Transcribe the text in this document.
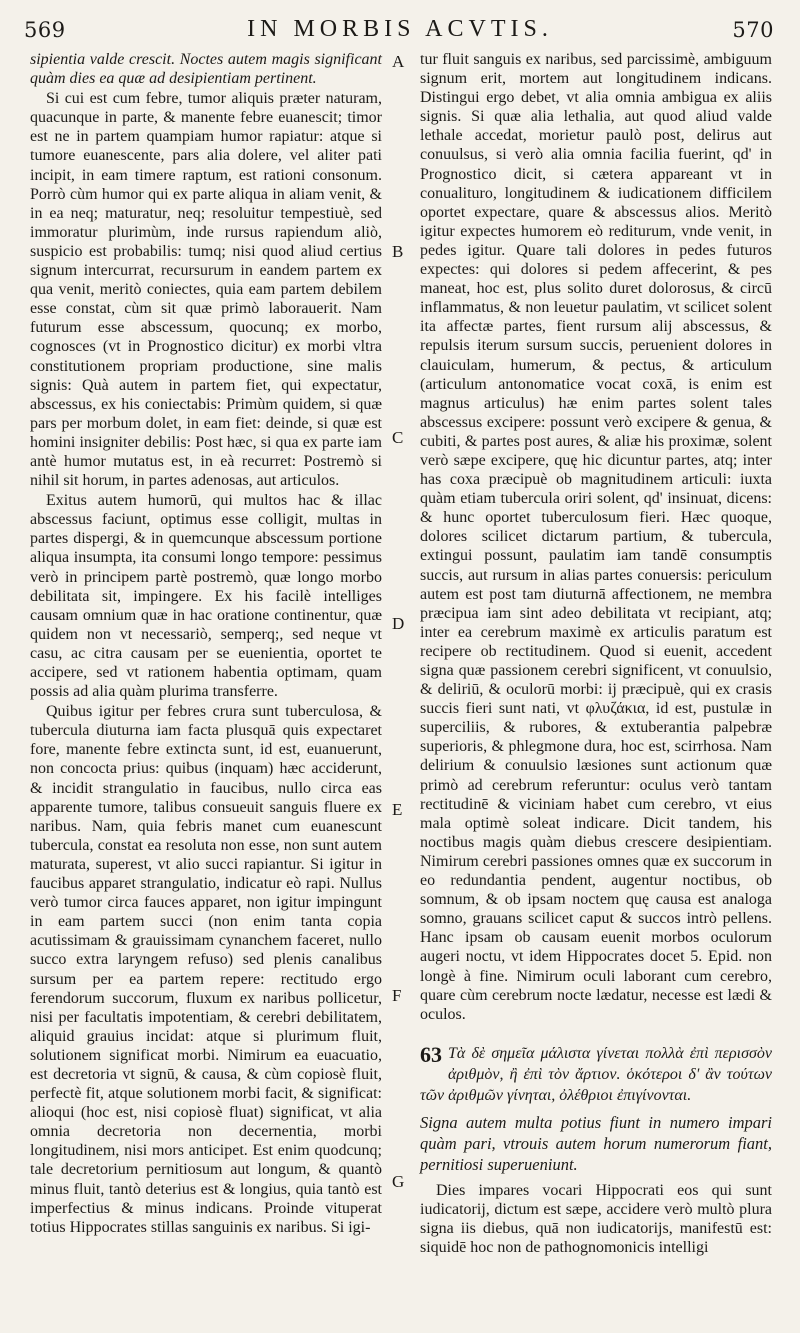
569	IN MORBIS ACVTIS.	570

sipientia valde crescit. Noctes autem magis significant quàm dies ea quæ ad desipientiam pertinent.

Si cui est cum febre, tumor aliquis præter naturam, quacunque in parte, & manente febre euanescit; timor est ne in partem quampiam humor rapiatur: atque si tumore euanescente, pars alia dolere, vel aliter pati incipit, in eam timere raptum, est rationi consonum. Porrò cùm humor qui ex parte aliqua in aliam venit, & in ea neq; maturatur, neq; resoluitur tempestiuè, sed immoratur plurimùm, inde rursus rapiendum aliò, suspicio est probabilis: tumq; nisi quod aliud certius signum intercurrat, recursurum in eandem partem ex qua venit, meritò coniectes, quia eam partem debilem esse constat, cùm sit quæ primò laborauerit. Nam futurum esse abscessum, quocunq; ex morbo, cognosces (vt in Prognostico dicitur) ex morbi vltra constitutionem propriam productione, sine malis signis: Quà autem in partem fiet, qui expectatur, abscessus, ex his coniectabis: Primùm quidem, si quæ pars per morbum dolet, in eam fiet: deinde, si quæ est homini insigniter debilis: Post hæc, si qua ex parte iam antè humor mutatus est, in eà recurret: Postremò si nihil sit horum, in partes adenosas, aut articulos.

Exitus autem humorū, qui multos hac & illac abscessus faciunt, optimus esse colligit, multas in partes dispergi, & in quemcunque abscessum portione aliqua insumpta, ita consumi longo tempore: pessimus verò in principem partè postremò, quæ longo morbo debilitata sit, impingere. Ex his facilè intelliges causam omnium quæ in hac oratione continentur, quæ quidem non vt necessariò, semperq;, sed neque vt casu, ac citra causam per se euenientia, oportet te accipere, sed vt rationem habentia optimam, quam possis ad alia quàm plurima transferre.

Quibus igitur per febres crura sunt tuberculosa, & tubercula diuturna iam facta plusquā quis expectaret fore, manente febre extincta sunt, id est, euanuerunt, non concocta prius: quibus (inquam) hæc acciderunt, & incidit strangulatio in faucibus, nullo circa eas apparente tumore, talibus consueuit sanguis fluere ex naribus. Nam, quia febris manet cum euanescunt tubercula, constat ea resoluta non esse, non sunt autem maturata, superest, vt alio succi rapiantur. Si igitur in faucibus apparet strangulatio, indicatur eò rapi. Nullus verò tumor circa fauces apparet, non igitur impingunt in eam partem succi (non enim tanta copia acutissimam & grauissimam cynanchem faceret, nullo succo extra laryngem refuso) sed plenis canalibus sursum per ea partem repere: rectitudo ergo ferendorum succorum, fluxum ex naribus pollicetur, nisi per facultatis impotentiam, & cerebri debilitatem, aliquid grauius incidat: atque si plurimum fluit, solutionem significat morbi. Nimirum ea euacuatio, est decretoria vt signū, & causa, & cùm copiosè fluit, perfectè fit, atque solutionem morbi facit, & significat: alioqui (hoc est, nisi copiosè fluat) significat, vt alia omnia decretoria non decernentia, morbi longitudinem, nisi mors anticipet. Est enim quodcunq; tale decretorium pernitiosum aut longum, & quantò minus fluit, tantò deterius est & longius, quia tantò est imperfectius & minus indicans. Proinde vituperat totius Hippocrates stillas sanguinis ex naribus. Si igi-

A
B
C
D
E
F
G

tur fluit sanguis ex naribus, sed parcissimè, ambiguum signum erit, mortem aut longitudinem indicans. Distingui ergo debet, vt alia omnia ambigua ex aliis signis. Si quæ alia lethalia, aut quod aliud valde lethale accedat, morietur paulò post, delirus aut conuulsus, si verò alia omnia facilia fuerint, qd' in Prognostico dicit, si cætera appareant vt in conualituro, longitudinem & iudicationem difficilem oportet expectare, quare & abscessus alios. Meritò igitur expectes humorem eò rediturum, vnde venit, in pedes igitur. Quare tali dolores in pedes futuros expectes: qui dolores si pedem affecerint, & pes maneat, hoc est, plus solito duret dolorosus, & circū inflammatus, & non leuetur paulatim, vt scilicet solent ita affectæ partes, fient rursum alij abscessus, & repulsis iterum sursum succis, peruenient dolores in clauiculam, humerum, & pectus, & articulum (articulum antonomatice vocat coxā, is enim est magnus articulus) hæ enim partes solent tales abscessus excipere: possunt verò excipere & genua, & cubiti, & partes post aures, & aliæ his proximæ, solent verò sæpe excipere, quę hic dicuntur partes, atq; inter has coxa præcipuè ob magnitudinem articuli: iuxta quàm etiam tubercula oriri solent, qd' insinuat, dicens: & hunc oportet tuberculosum fieri. Hæc quoque, dolores scilicet dictarum partium, & tubercula, extingui possunt, paulatim iam tandē consumptis succis, aut rursum in alias partes conuersis: periculum autem est post tam diuturnā affectionem, ne membra præcipua iam sint adeo debilitata vt recipiant, atq; inter ea cerebrum maximè ex articulis paratum est recipere ob rectitudinem. Quod si euenit, accedent signa quæ passionem cerebri significent, vt conuulsio, & deliriū, & oculorū morbi: ij præcipuè, qui ex crasis succis fieri sunt nati, vt φλυζάκια, id est, pustulæ in superciliis, & rubores, & extuberantia palpebræ superioris, & phlegmone dura, hoc est, scirrhosa. Nam delirium & conuulsio læsiones sunt actionum quæ primò ad cerebrum referuntur: oculus verò tantam rectitudinē & viciniam habet cum cerebro, vt eius mala optimè soleat indicare. Dicit tandem, his noctibus magis quàm diebus crescere desipientiam. Nimirum cerebri passiones omnes quæ ex succorum in eo redundantia pendent, augentur noctibus, ob somnum, & ob ipsam noctem quę causa est analoga somno, grauans scilicet caput & succos intrò pellens. Hanc ipsam ob causam euenit morbos oculorum augeri noctu, vt idem Hippocrates docet 5. Epid. non longè à fine. Nimirum oculi laborant cum cerebro, quare cùm cerebrum nocte lædatur, necesse est lædi & oculos.

63 Τὰ δὲ σημεῖα μάλιστα γίνεται πολλὰ ἐπὶ περισσὸν ἀριθμὸν, ἢ ἐπὶ τὸν ἄρτιον. ὁκότεροι δ' ἂν τούτων τῶν ἀριθμῶν γίνηται, ὀλέθριοι ἐπιγίνονται.

Signa autem multa potius fiunt in numero impari quàm pari, vtrouis autem horum numerorum fiant, pernitiosi superueniunt.

Dies impares vocari Hippocrati eos qui sunt iudicatorij, dictum est sæpe, accidere verò multò plura signa iis diebus, quā non iudicatorijs, manifestū est: siquidē hoc non de pathognomonicis intelligi
